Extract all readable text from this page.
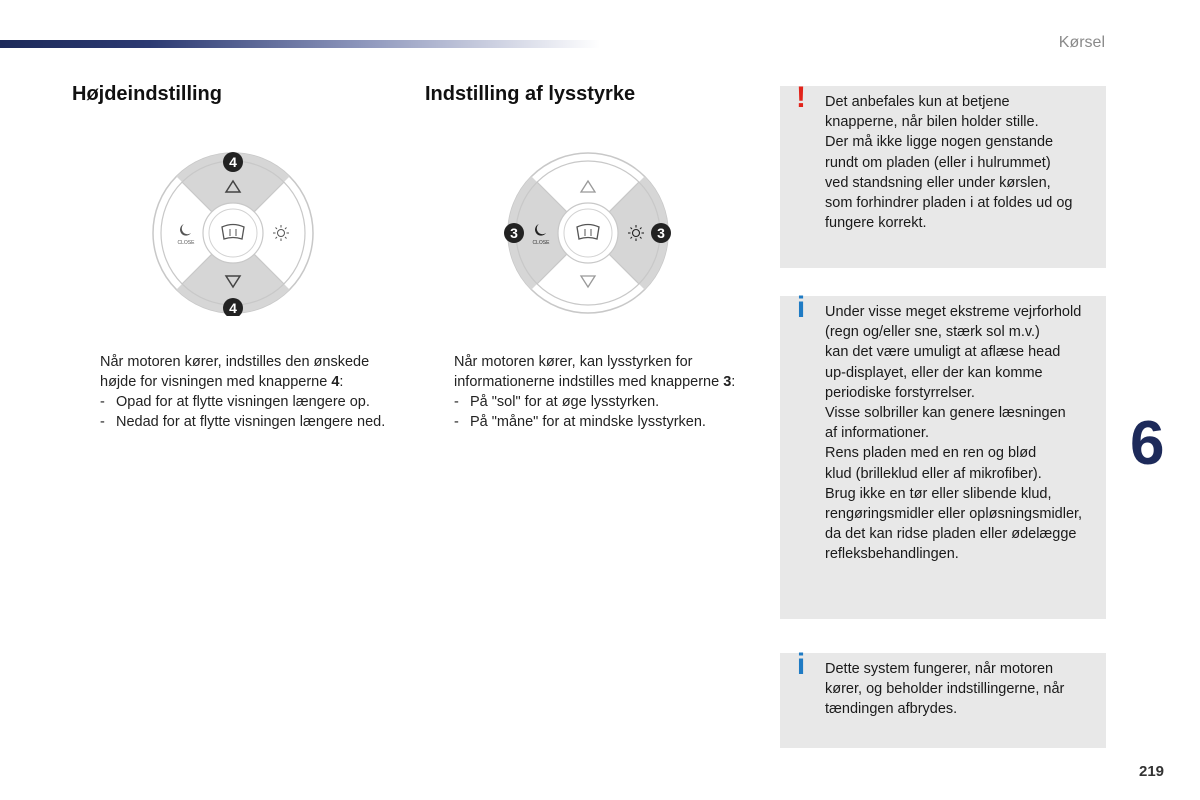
Kørsel
Højdeindstilling
CLOSE
4
4
Når motoren kører, indstilles den ønskede
højde for visningen med knapperne 4:
- Opad for at flytte visningen længere op.
- Nedad for at flytte visningen længere ned.
Indstilling af lysstyrke
CLOSE
3	3
Når motoren kører, kan lysstyrken for
informationerne indstilles med knapperne 3:
- På "sol" for at øge lysstyrken.
- På "måne" for at mindske lysstyrken.
! Det anbefales kun at betjene
knapperne, når bilen holder stille.
Der må ikke ligge nogen genstande
rundt om pladen (eller i hulrummet)
ved standsning eller under kørslen,
som forhindrer pladen i at foldes ud og
fungere korrekt.
i Under visse meget ekstreme vejrforhold
(regn og/eller sne, stærk sol m.v.)
kan det være umuligt at aflæse head
up-displayet, eller der kan komme
periodiske forstyrrelser.
Visse solbriller kan genere læsningen
af informationer.
Rens pladen med en ren og blød
klud (brilleklud eller af mikrofiber).
Brug ikke en tør eller slibende klud,
rengøringsmidler eller opløsningsmidler,
da det kan ridse pladen eller ødelægge
refleksbehandlingen.
i Dette system fungerer, når motoren
kører, og beholder indstillingerne, når
tændingen afbrydes.
6
219
